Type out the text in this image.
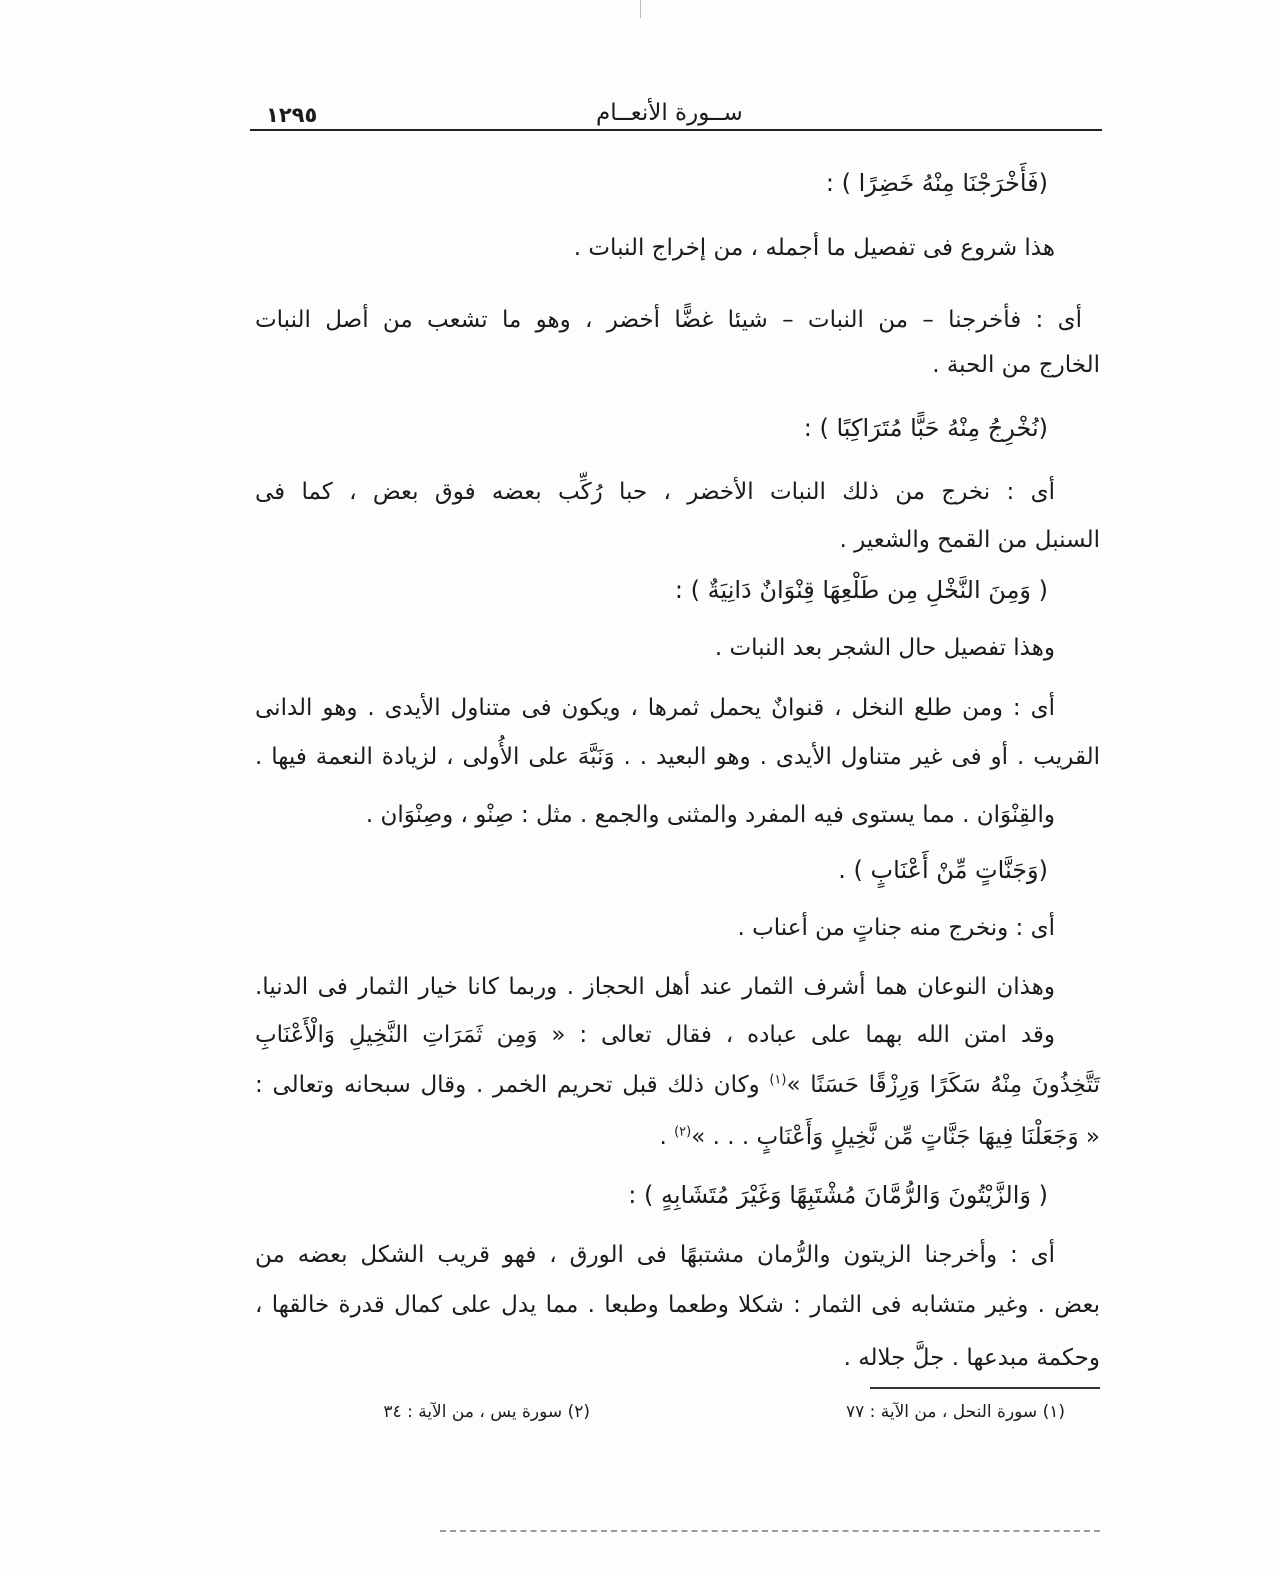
١٢٩٥	ســورة الأنعــام
(فَأَخْرَجْنَا مِنْهُ خَضِرًا ) :
هذا شروع فى تفصيل ما أجمله ، من إخراج النبات .
أى : فأخرجنا – من النبات – شيئا غضًّا أخضر ، وهو ما تشعب من أصل النبات
الخارج من الحبة .
(نُخْرِجُ مِنْهُ حَبًّا مُتَرَاكِبًا ) :
أى : نخرج من ذلك النبات الأخضر ، حبا رُكِّب بعضه فوق بعض ، كما فى
السنبل من القمح والشعير .
( وَمِنَ النَّخْلِ مِن طَلْعِهَا قِنْوَانٌ دَانِيَةٌ ) :
وهذا تفصيل حال الشجر بعد النبات .
أى : ومن طلع النخل ، قنوانٌ يحمل ثمرها ، ويكون فى متناول الأيدى . وهو الدانى
القريب . أو فى غير متناول الأيدى . وهو البعيد . . وَنَبَّهَ على الأُولى ، لزيادة النعمة فيها .
والقِنْوَان . مما يستوى فيه المفرد والمثنى والجمع . مثل : صِنْو ، وصِنْوَان .
(وَجَنَّاتٍ مِّنْ أَعْنَابٍ ) .
أى : ونخرج منه جناتٍ من أعناب .
وهذان النوعان هما أشرف الثمار عند أهل الحجاز . وربما كانا خيار الثمار فى الدنيا.
وقد امتن الله بهما على عباده ، فقال تعالى : « وَمِن ثَمَرَاتِ النَّخِيلِ وَالْأَعْنَابِ
تَتَّخِذُونَ مِنْهُ سَكَرًا وَرِزْقًا حَسَنًا »$^{(١)}$ وكان ذلك قبل تحريم الخمر . وقال سبحانه وتعالى :
« وَجَعَلْنَا فِيهَا جَنَّاتٍ مِّن نَّخِيلٍ وَأَعْنَابٍ . . . »$^{(٢)}$ .
( وَالزَّيْتُونَ وَالرُّمَّانَ مُشْتَبِهًا وَغَيْرَ مُتَشَابِهٍ ) :
أى : وأخرجنا الزيتون والرُّمان مشتبهًا فى الورق ، فهو قريب الشكل بعضه من
بعض . وغير متشابه فى الثمار : شكلا وطعما وطبعا . مما يدل على كمال قدرة خالقها ،
وحكمة مبدعها . جلَّ جلاله .
(١) سورة النحل ، من الآية : ٧٧
(٢) سورة يس ، من الآية : ٣٤
